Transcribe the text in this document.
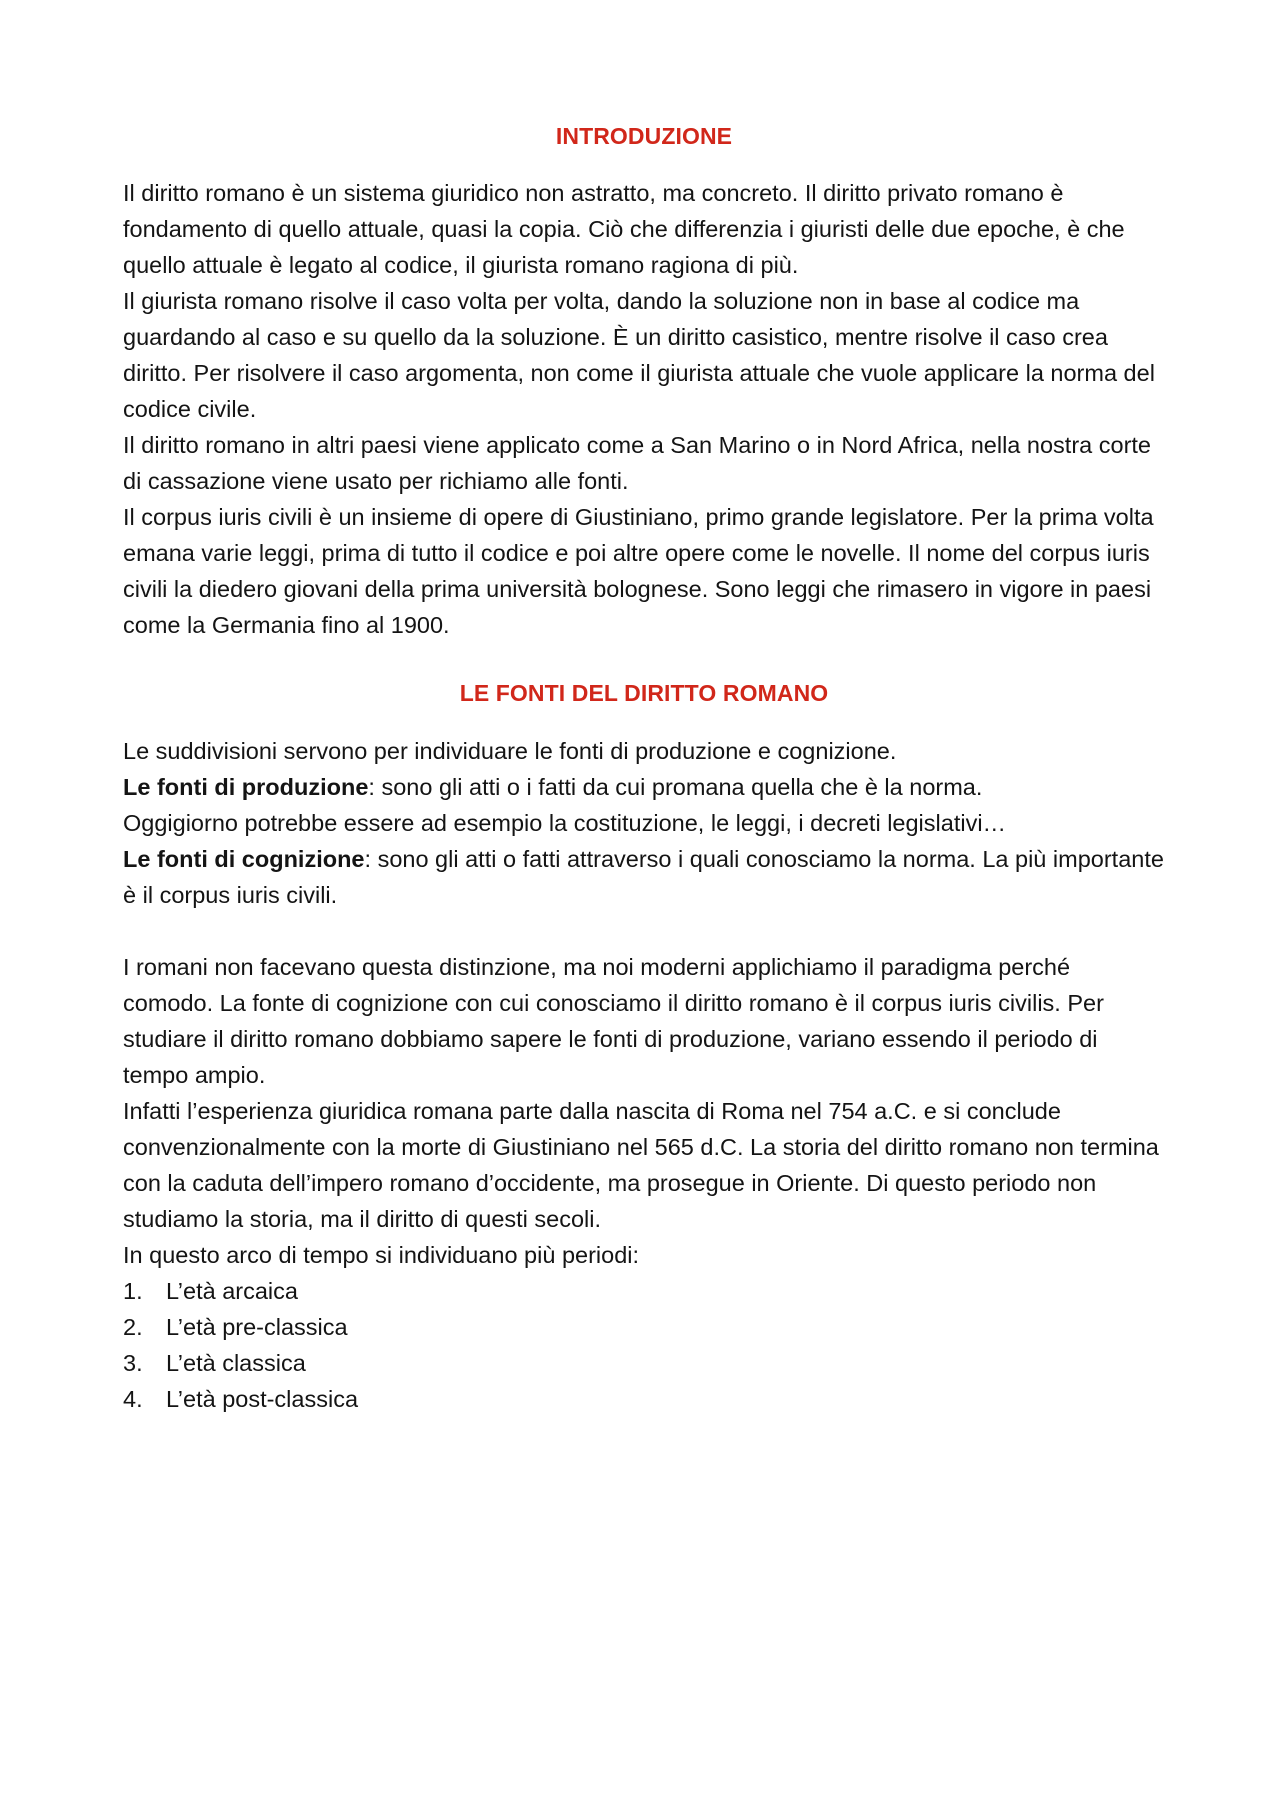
INTRODUZIONE

Il diritto romano è un sistema giuridico non astratto, ma concreto. Il diritto privato romano è fondamento di quello attuale, quasi la copia. Ciò che differenzia i giuristi delle due epoche, è che quello attuale è legato al codice, il giurista romano ragiona di più.

Il giurista romano risolve il caso volta per volta, dando la soluzione non in base al codice ma guardando al caso e su quello da la soluzione. È un diritto casistico, mentre risolve il caso crea diritto. Per risolvere il caso argomenta, non come il giurista attuale che vuole applicare la norma del codice civile.

Il diritto romano in altri paesi viene applicato come a San Marino o in Nord Africa, nella nostra corte di cassazione viene usato per richiamo alle fonti.

Il corpus iuris civili è un insieme di opere di Giustiniano, primo grande legislatore. Per la prima volta emana varie leggi, prima di tutto il codice e poi altre opere come le novelle. Il nome del corpus iuris civili la diedero giovani della prima università bolognese. Sono leggi che rimasero in vigore in paesi come la Germania fino al 1900.

LE FONTI DEL DIRITTO ROMANO

Le suddivisioni servono per individuare le fonti di produzione e cognizione.

Le fonti di produzione: sono gli atti o i fatti da cui promana quella che è la norma.

Oggigiorno potrebbe essere ad esempio la costituzione, le leggi, i decreti legislativi…

Le fonti di cognizione: sono gli atti o fatti attraverso i quali conosciamo la norma. La più importante è il corpus iuris civili.

I romani non facevano questa distinzione, ma noi moderni applichiamo il paradigma perché comodo. La fonte di cognizione con cui conosciamo il diritto romano è il corpus iuris civilis. Per studiare il diritto romano dobbiamo sapere le fonti di produzione, variano essendo il periodo di tempo ampio.

Infatti l’esperienza giuridica romana parte dalla nascita di Roma nel 754 a.C. e si conclude convenzionalmente con la morte di Giustiniano nel 565 d.C. La storia del diritto romano non termina con la caduta dell’impero romano d’occidente, ma prosegue in Oriente. Di questo periodo non studiamo la storia, ma il diritto di questi secoli.

In questo arco di tempo si individuano più periodi:

1. L’età arcaica
2. L’età pre-classica
3. L’età classica
4. L’età post-classica
